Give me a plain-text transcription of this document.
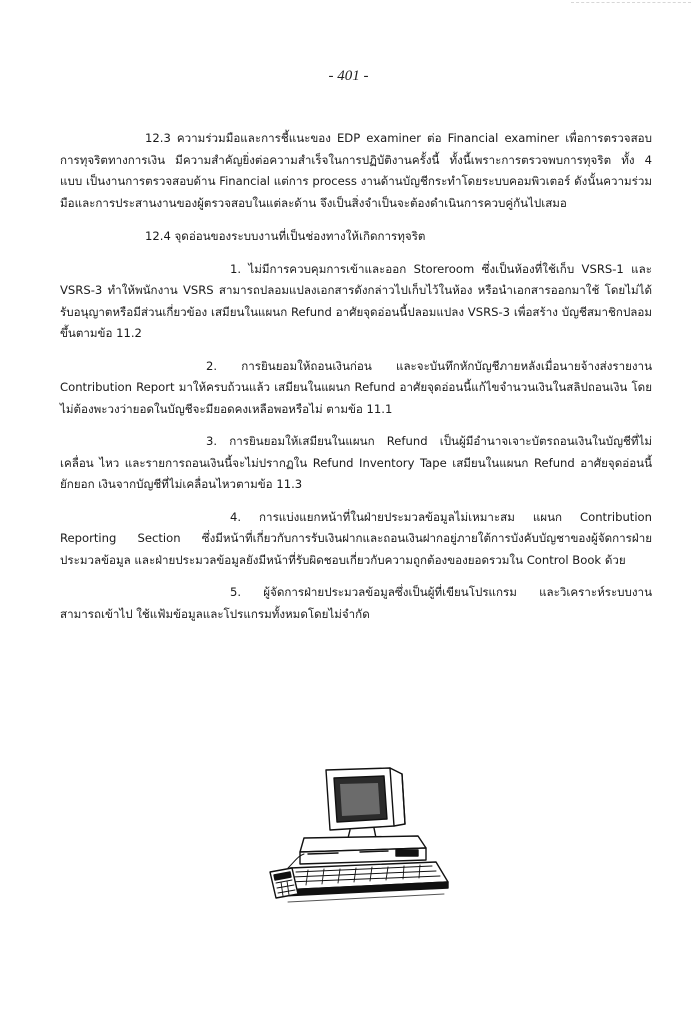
- 401 -

12.3 ความร่วมมือและการชี้แนะของ EDP examiner ต่อ Financial examiner เพื่อการตรวจสอบ การทุจริตทางการเงิน มีความสำคัญยิ่งต่อความสำเร็จในการปฏิบัติงานครั้งนี้ ทั้งนี้เพราะการตรวจพบการทุจริต ทั้ง 4 แบบ เป็นงานการตรวจสอบด้าน Financial แต่การ process งานด้านบัญชีกระทำโดยระบบคอมพิวเตอร์ ดังนั้นความร่วมมือและการประสานงานของผู้ตรวจสอบในแต่ละด้าน จึงเป็นสิ่งจำเป็นจะต้องดำเนินการควบคู่กันไปเสมอ

12.4 จุดอ่อนของระบบงานที่เป็นช่องทางให้เกิดการทุจริต

1. ไม่มีการควบคุมการเข้าและออก Storeroom ซึ่งเป็นห้องที่ใช้เก็บ VSRS-1 และ VSRS-3 ทำให้พนักงาน VSRS สามารถปลอมแปลงเอกสารดังกล่าวไปเก็บไว้ในห้อง หรือนำเอกสารออกมาใช้ โดยไม่ได้รับอนุญาตหรือมีส่วนเกี่ยวข้อง เสมียนในแผนก Refund อาศัยจุดอ่อนนี้ปลอมแปลง VSRS-3 เพื่อสร้าง บัญชีสมาชิกปลอมขึ้นตามข้อ 11.2

2. การยินยอมให้ถอนเงินก่อน และจะบันทึกหักบัญชีภายหลังเมื่อนายจ้างส่งรายงาน Contribution Report มาให้ครบถ้วนแล้ว เสมียนในแผนก Refund อาศัยจุดอ่อนนี้แก้ไขจำนวนเงินในสลิปถอนเงิน โดยไม่ต้องพะวงว่ายอดในบัญชีจะมียอดคงเหลือพอหรือไม่ ตามข้อ 11.1

3. การยินยอมให้เสมียนในแผนก Refund เป็นผู้มีอำนาจเจาะบัตรถอนเงินในบัญชีที่ไม่เคลื่อน ไหว และรายการถอนเงินนี้จะไม่ปรากฏใน Refund Inventory Tape เสมียนในแผนก Refund อาศัยจุดอ่อนนี้ยักยอก เงินจากบัญชีที่ไม่เคลื่อนไหวตามข้อ 11.3

4. การแบ่งแยกหน้าที่ในฝ่ายประมวลข้อมูลไม่เหมาะสม แผนก Contribution Reporting Section ซึ่งมีหน้าที่เกี่ยวกับการรับเงินฝากและถอนเงินฝากอยู่ภายใต้การบังคับบัญชาของผู้จัดการฝ่ายประมวลข้อมูล และฝ่ายประมวลข้อมูลยังมีหน้าที่รับผิดชอบเกี่ยวกับความถูกต้องของยอดรวมใน Control Book ด้วย

5. ผู้จัดการฝ่ายประมวลข้อมูลซึ่งเป็นผู้ที่เขียนโปรแกรม และวิเคราะห์ระบบงานสามารถเข้าไป ใช้แฟ้มข้อมูลและโปรแกรมทั้งหมดโดยไม่จำกัด
